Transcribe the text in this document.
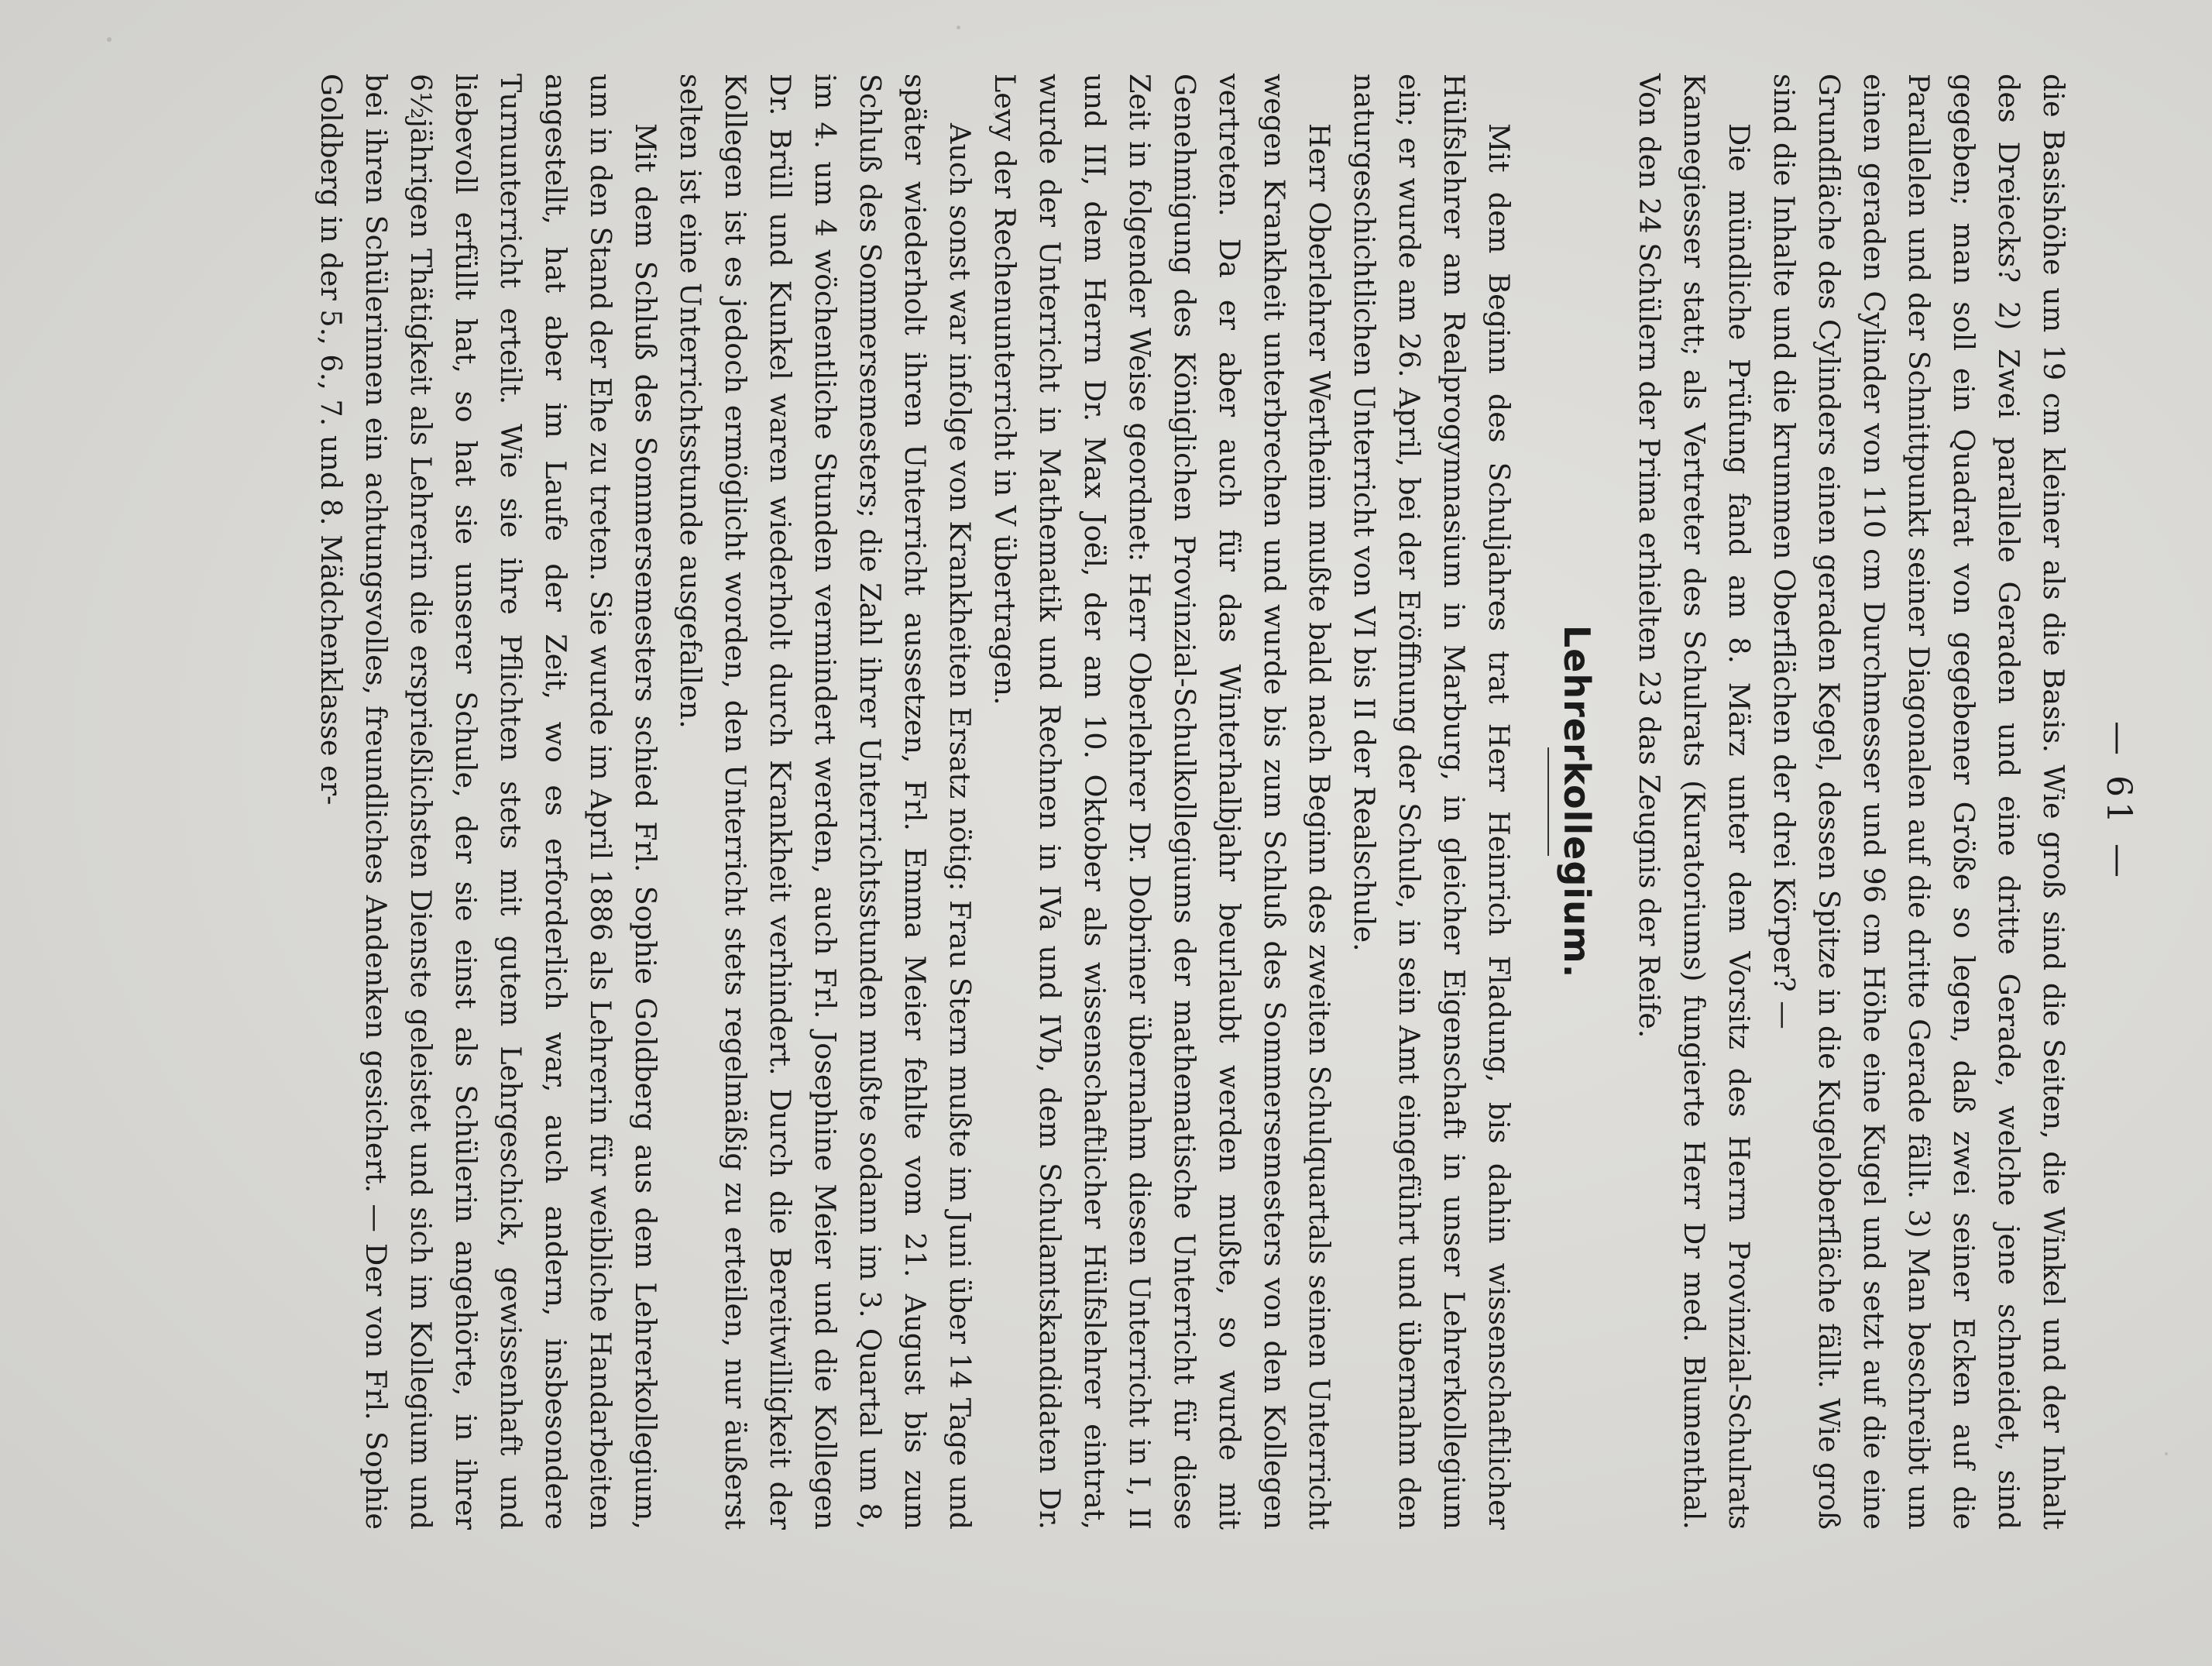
— 61 —

die Basishöhe um 19 cm kleiner als die Basis. Wie groß sind die Seiten, die Winkel und der Inhalt des Dreiecks? 2) Zwei parallele Geraden und eine dritte Gerade, welche jene schneidet, sind gegeben; man soll ein Quadrat von gegebener Größe so legen, daß zwei seiner Ecken auf die Parallelen und der Schnittpunkt seiner Diagonalen auf die dritte Gerade fällt. 3) Man beschreibt um einen geraden Cylinder von 110 cm Durchmesser und 96 cm Höhe eine Kugel und setzt auf die eine Grundfläche des Cylinders einen geraden Kegel, dessen Spitze in die Kugeloberfläche fällt. Wie groß sind die Inhalte und die krummen Oberflächen der drei Körper? —

Die mündliche Prüfung fand am 8. März unter dem Vorsitz des Herrn Provinzial-Schulrats Kannegiesser statt; als Vertreter des Schulrats (Kuratoriums) fungierte Herr Dr med. Blumenthal. Von den 24 Schülern der Prima erhielten 23 das Zeugnis der Reife.

Lehrerkollegium.

Mit dem Beginn des Schuljahres trat Herr Heinrich Fladung, bis dahin wissenschaftlicher Hülfslehrer am Realprogymnasium in Marburg, in gleicher Eigenschaft in unser Lehrerkollegium ein; er wurde am 26. April, bei der Eröffnung der Schule, in sein Amt eingeführt und übernahm den naturgeschichtlichen Unterricht von VI bis II der Realschule.

Herr Oberlehrer Wertheim mußte bald nach Beginn des zweiten Schulquartals seinen Unterricht wegen Krankheit unterbrechen und wurde bis zum Schluß des Sommersemesters von den Kollegen vertreten. Da er aber auch für das Winterhalbjahr beurlaubt werden mußte, so wurde mit Genehmigung des Königlichen Provinzial-Schulkollegiums der mathematische Unterricht für diese Zeit in folgender Weise geordnet: Herr Oberlehrer Dr. Dobriner übernahm diesen Unterricht in I, II und III, dem Herrn Dr. Max Joël, der am 10. Oktober als wissenschaftlicher Hülfslehrer eintrat, wurde der Unterricht in Mathematik und Rechnen in IVa und IVb, dem Schulamtskandidaten Dr. Levy der Rechenunterricht in V übertragen.

Auch sonst war infolge von Krankheiten Ersatz nötig: Frau Stern mußte im Juni über 14 Tage und später wiederholt ihren Unterricht aussetzen, Frl. Emma Meier fehlte vom 21. August bis zum Schluß des Sommersemesters; die Zahl ihrer Unterrichtsstunden mußte sodann im 3. Quartal um 8, im 4. um 4 wöchentliche Stunden vermindert werden, auch Frl. Josephine Meier und die Kollegen Dr. Brüll und Kunkel waren wiederholt durch Krankheit verhindert. Durch die Bereitwilligkeit der Kollegen ist es jedoch ermöglicht worden, den Unterricht stets regelmäßig zu erteilen, nur äußerst selten ist eine Unterrichtsstunde ausgefallen.

Mit dem Schluß des Sommersemesters schied Frl. Sophie Goldberg aus dem Lehrerkollegium, um in den Stand der Ehe zu treten. Sie wurde im April 1886 als Lehrerin für weibliche Handarbeiten angestellt, hat aber im Laufe der Zeit, wo es erforderlich war, auch andern, insbesondere Turnunterricht erteilt. Wie sie ihre Pflichten stets mit gutem Lehrgeschick, gewissenhaft und liebevoll erfüllt hat, so hat sie unserer Schule, der sie einst als Schülerin angehörte, in ihrer 6½jährigen Thätigkeit als Lehrerin die ersprießlichsten Dienste geleistet und sich im Kollegium und bei ihren Schülerinnen ein achtungsvolles, freundliches Andenken gesichert. — Der von Frl. Sophie Goldberg in der 5., 6., 7. und 8. Mädchenklasse er-
